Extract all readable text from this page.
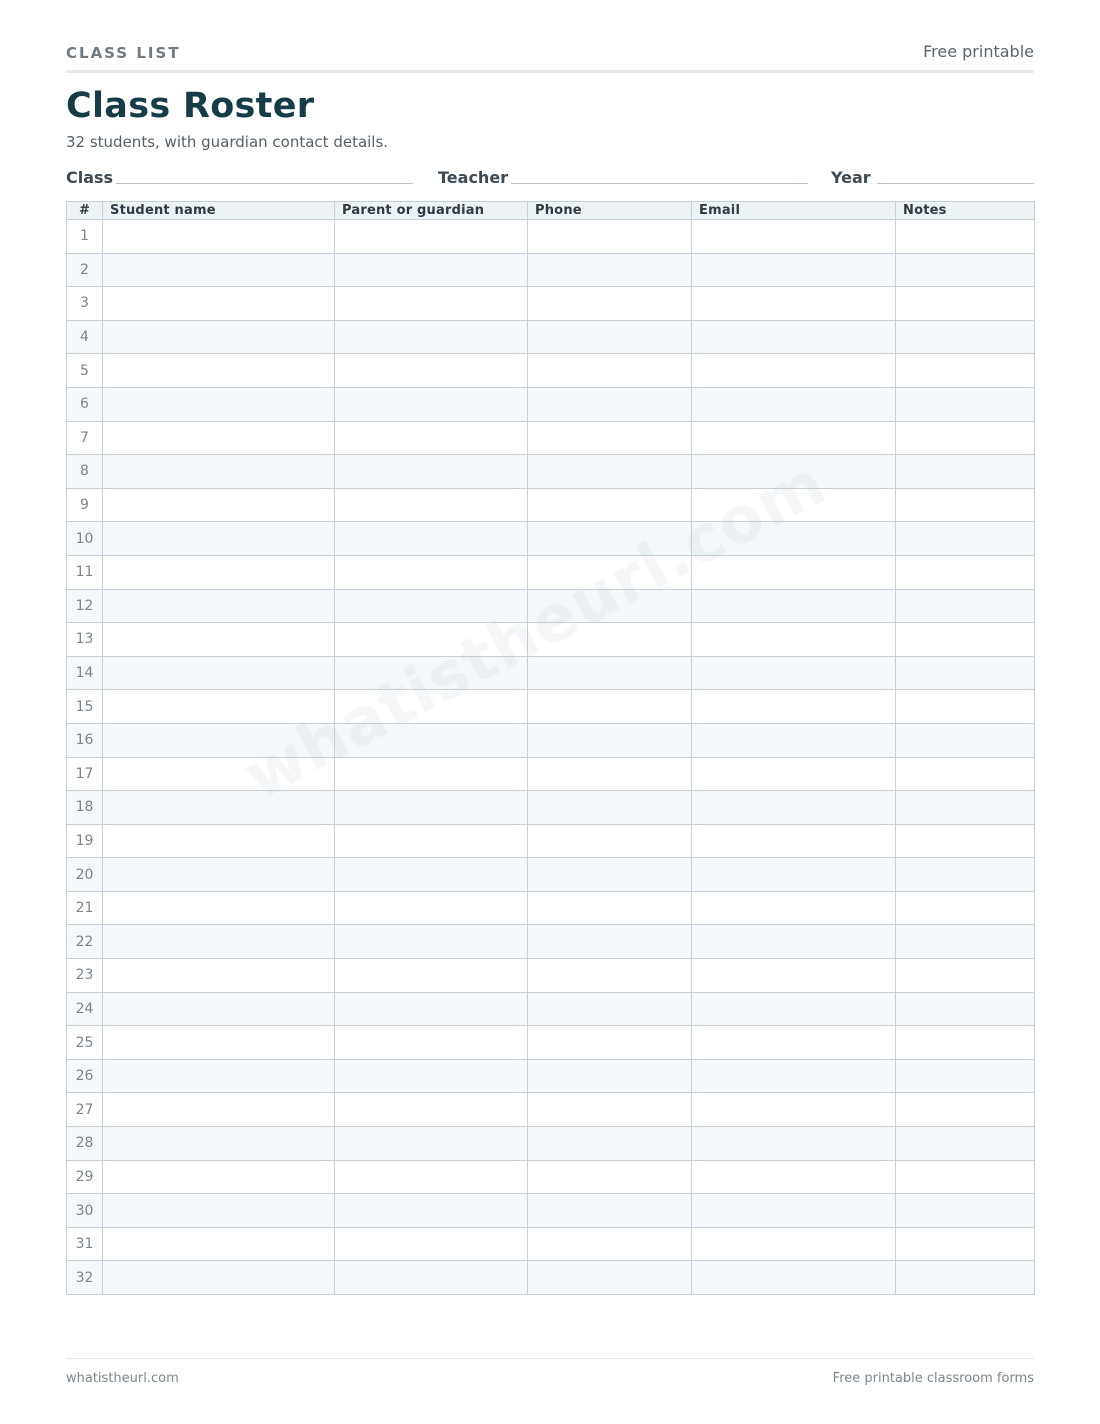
CLASS LIST	Free printable
Class Roster
32 students, with guardian contact details.
Class	Teacher	Year
#	Student name	Parent or guardian	Phone	Email	Notes
1					
2					
3					
4					
5					
6					
7					
8					
9					
10					
11					
12					
13					
14					
15					
16					
17					
18					
19					
20					
21					
22					
23					
24					
25					
26					
27					
28					
29					
30					
31					
32					
whatistheurl.com
whatistheurl.com	Free printable classroom forms
